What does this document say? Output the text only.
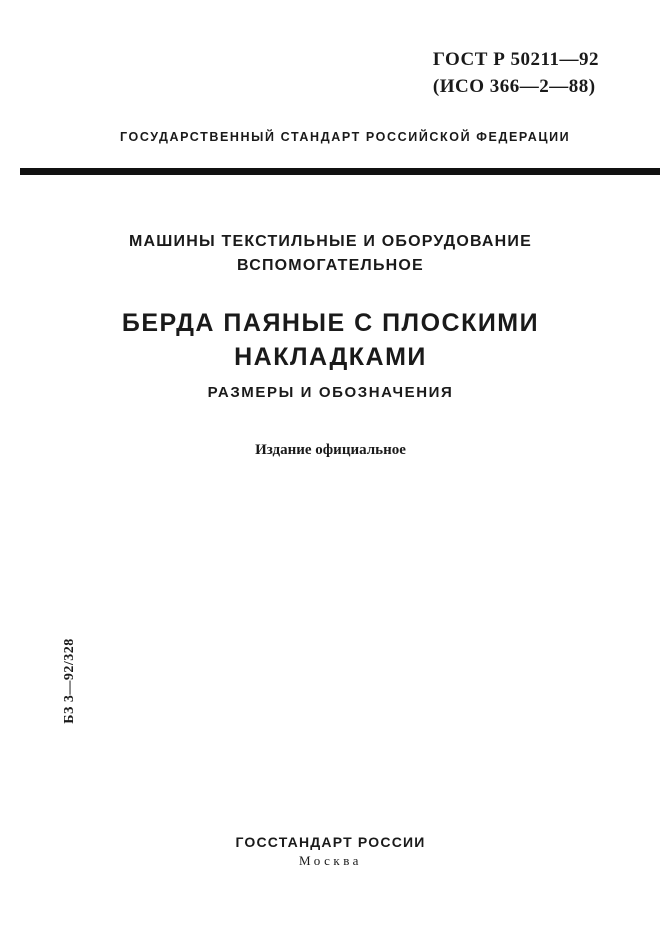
ГОСТ Р 50211—92
(ИСО 366—2—88)
ГОСУДАРСТВЕННЫЙ СТАНДАРТ РОССИЙСКОЙ ФЕДЕРАЦИИ
МАШИНЫ ТЕКСТИЛЬНЫЕ И ОБОРУДОВАНИЕ
ВСПОМОГАТЕЛЬНОЕ
БЕРДА ПАЯНЫЕ С ПЛОСКИМИ
НАКЛАДКАМИ
РАЗМЕРЫ И ОБОЗНАЧЕНИЯ
Издание официальное
БЗ 3—92/328
ГОССТАНДАРТ РОССИИ
Москва
